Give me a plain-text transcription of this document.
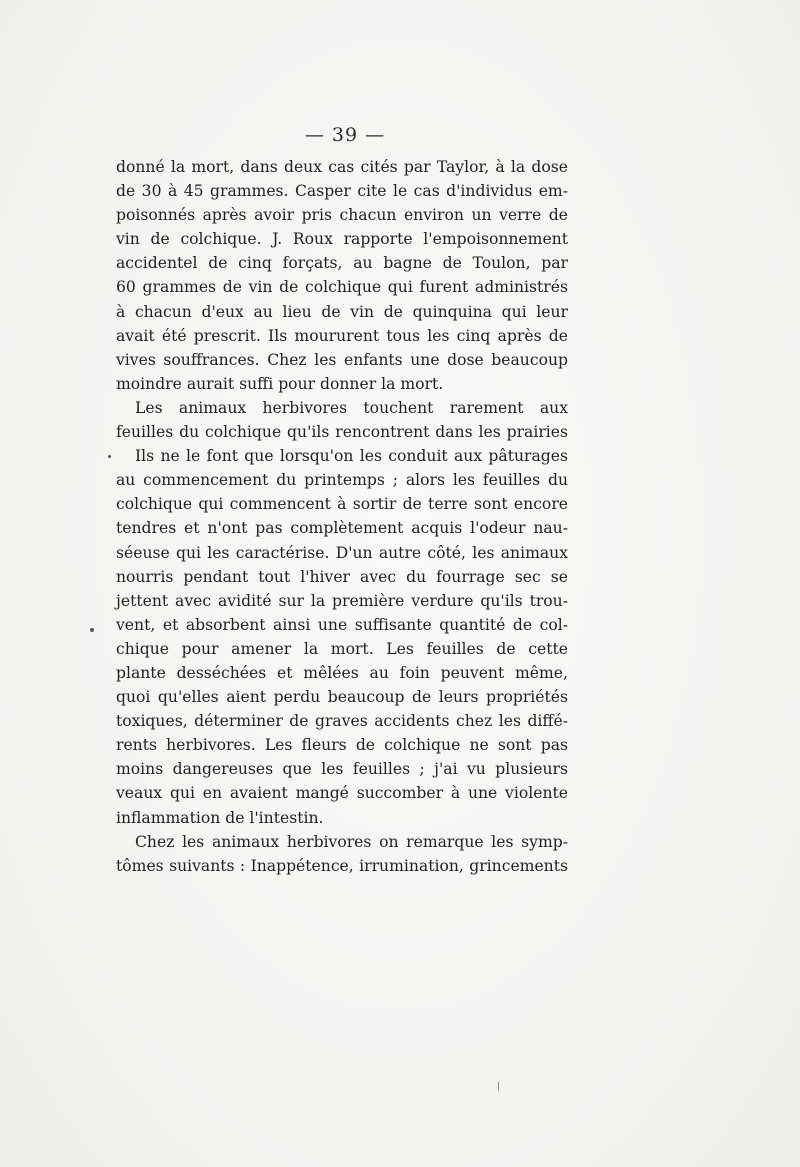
— 39 —
donné la mort, dans deux cas cités par Taylor, à la dose
de 30 à 45 grammes. Casper cite le cas d'individus em-
poisonnés après avoir pris chacun environ un verre de
vin de colchique. J. Roux rapporte l'empoisonnement
accidentel de cinq forçats, au bagne de Toulon, par
60 grammes de vin de colchique qui furent administrés
à chacun d'eux au lieu de vin de quinquina qui leur
avait été prescrit. Ils moururent tous les cinq après de
vives souffrances. Chez les enfants une dose beaucoup
moindre aurait suffi pour donner la mort.
Les animaux herbivores touchent rarement aux
feuilles du colchique qu'ils rencontrent dans les prairies
Ils ne le font que lorsqu'on les conduit aux pâturages
au commencement du printemps ; alors les feuilles du
colchique qui commencent à sortir de terre sont encore
tendres et n'ont pas complètement acquis l'odeur nau-
séeuse qui les caractérise. D'un autre côté, les animaux
nourris pendant tout l'hiver avec du fourrage sec se
jettent avec avidité sur la première verdure qu'ils trou-
vent, et absorbent ainsi une suffisante quantité de col-
chique pour amener la mort. Les feuilles de cette
plante desséchées et mêlées au foin peuvent même,
quoi qu'elles aient perdu beaucoup de leurs propriétés
toxiques, déterminer de graves accidents chez les diffé-
rents herbivores. Les fleurs de colchique ne sont pas
moins dangereuses que les feuilles ; j'ai vu plusieurs
veaux qui en avaient mangé succomber à une violente
inflammation de l'intestin.
Chez les animaux herbivores on remarque les symp-
tômes suivants : Inappétence, irrumination, grincements
